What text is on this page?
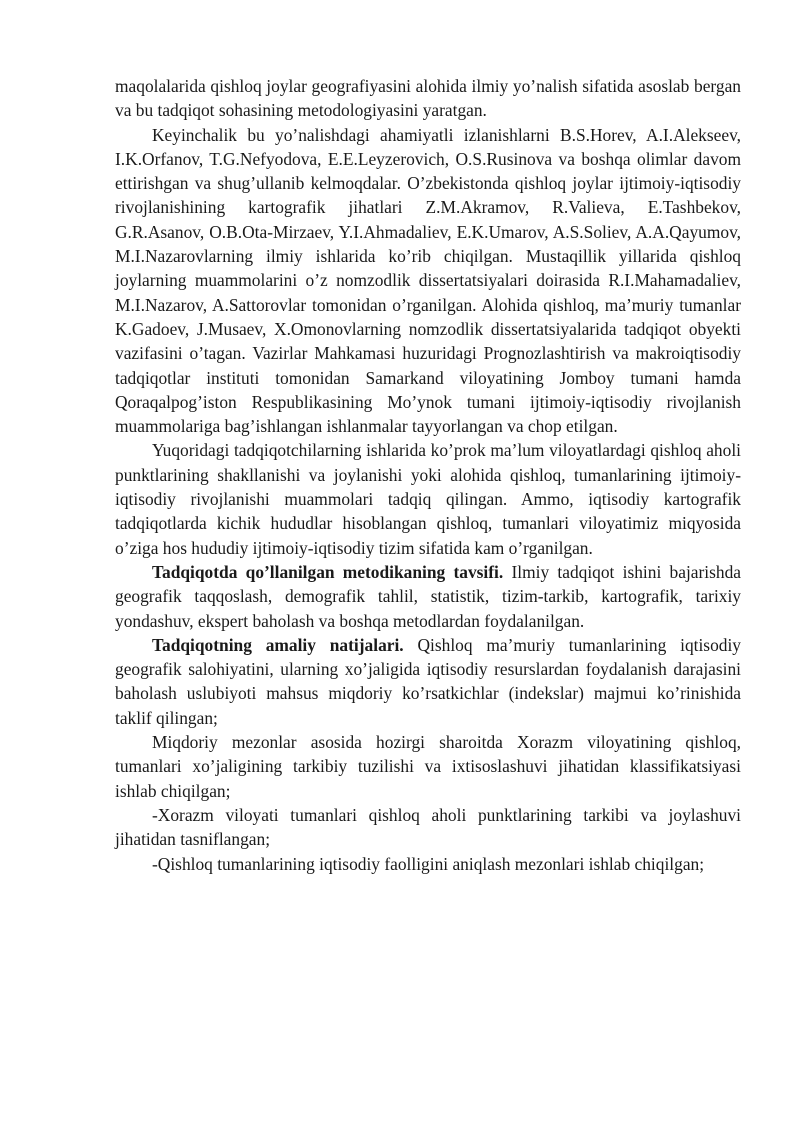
maqolalarida qishloq joylar geografiyasini alohida ilmiy yo’nalish sifatida asoslab bergan va bu tadqiqot sohasining metodologiyasini yaratgan.

Keyinchalik bu yo’nalishdagi ahamiyatli izlanishlarni B.S.Horev, A.I.Alekseev, I.K.Orfanov, T.G.Nefyodova, E.E.Leyzerovich, O.S.Rusinova va boshqa olimlar davom ettirishgan va shug’ullanib kelmoqdalar. O’zbekistonda qishloq joylar ijtimoiy-iqtisodiy rivojlanishining kartografik jihatlari Z.M.Akramov, R.Valieva, E.Tashbekov, G.R.Asanov, O.B.Ota-Mirzaev, Y.I.Ahmadaliev, E.K.Umarov, A.S.Soliev, A.A.Qayumov, M.I.Nazarovlarning ilmiy ishlarida ko’rib chiqilgan. Mustaqillik yillarida qishloq joylarning muammolarini o’z nomzodlik dissertatsiyalari doirasida R.I.Mahamadaliev, M.I.Nazarov, A.Sattorovlar tomonidan o’rganilgan. Alohida qishloq, ma’muriy tumanlar K.Gadoev, J.Musaev, X.Omonovlarning nomzodlik dissertatsiyalarida tadqiqot obyekti vazifasini o’tagan. Vazirlar Mahkamasi huzuridagi Prognozlashtirish va makroiqtisodiy tadqiqotlar instituti tomonidan Samarkand viloyatining Jomboy tumani hamda Qoraqalpog’iston Respublikasining Mo’ynok tumani ijtimoiy-iqtisodiy rivojlanish muammolariga bag’ishlangan ishlanmalar tayyorlangan va chop etilgan.

Yuqoridagi tadqiqotchilarning ishlarida ko’prok ma’lum viloyatlardagi qishloq aholi punktlarining shakllanishi va joylanishi yoki alohida qishloq, tumanlarining ijtimoiy-iqtisodiy rivojlanishi muammolari tadqiq qilingan. Ammo, iqtisodiy kartografik tadqiqotlarda kichik hududlar hisoblangan qishloq, tumanlari viloyatimiz miqyosida o’ziga hos hududiy ijtimoiy-iqtisodiy tizim sifatida kam o’rganilgan.

Tadqiqotda qo’llanilgan metodikaning tavsifi. Ilmiy tadqiqot ishini bajarishda geografik taqqoslash, demografik tahlil, statistik, tizim-tarkib, kartografik, tarixiy yondashuv, ekspert baholash va boshqa metodlardan foydalanilgan.

Tadqiqotning amaliy natijalari. Qishloq ma’muriy tumanlarining iqtisodiy geografik salohiyatini, ularning xo’jaligida iqtisodiy resurslardan foydalanish darajasini baholash uslubiyoti mahsus miqdoriy ko’rsatkichlar (indekslar) majmui ko’rinishida taklif qilingan;

Miqdoriy mezonlar asosida hozirgi sharoitda Xorazm viloyatining qishloq, tumanlari xo’jaligining tarkibiy tuzilishi va ixtisoslashuvi jihatidan klassifikatsiyasi ishlab chiqilgan;

-Xorazm viloyati tumanlari qishloq aholi punktlarining tarkibi va joylashuvi jihatidan tasniflangan;

-Qishloq tumanlarining iqtisodiy faolligini aniqlash mezonlari ishlab chiqilgan;
